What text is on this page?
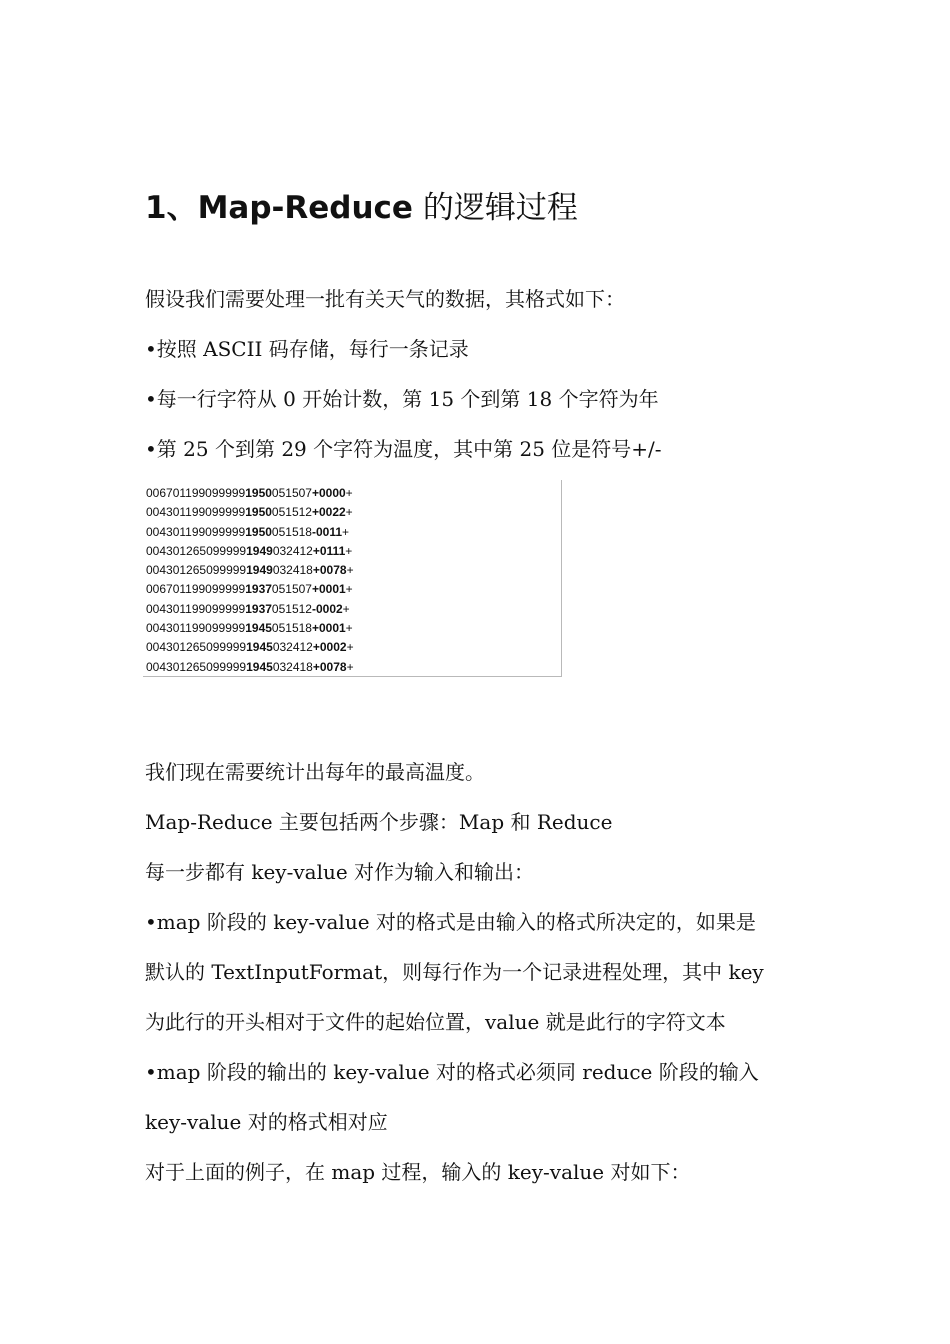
1、Map-Reduce 的逻辑过程

假设我们需要处理一批有关天气的数据，其格式如下：

•按照 ASCII 码存储，每行一条记录

•每一行字符从 0 开始计数，第 15 个到第 18 个字符为年

•第 25 个到第 29 个字符为温度，其中第 25 位是符号+/-

0067011990999991950051507+0000+
0043011990999991950051512+0022+
0043011990999991950051518-0011+
0043012650999991949032412+0111+
0043012650999991949032418+0078+
0067011990999991937051507+0001+
0043011990999991937051512-0002+
0043011990999991945051518+0001+
0043012650999991945032412+0002+
0043012650999991945032418+0078+

我们现在需要统计出每年的最高温度。

Map-Reduce 主要包括两个步骤：Map 和 Reduce

每一步都有 key-value 对作为输入和输出：

•map 阶段的 key-value 对的格式是由输入的格式所决定的，如果是

默认的 TextInputFormat，则每行作为一个记录进程处理，其中 key

为此行的开头相对于文件的起始位置，value 就是此行的字符文本

•map 阶段的输出的 key-value 对的格式必须同 reduce 阶段的输入

key-value 对的格式相对应

对于上面的例子，在 map 过程，输入的 key-value 对如下：
